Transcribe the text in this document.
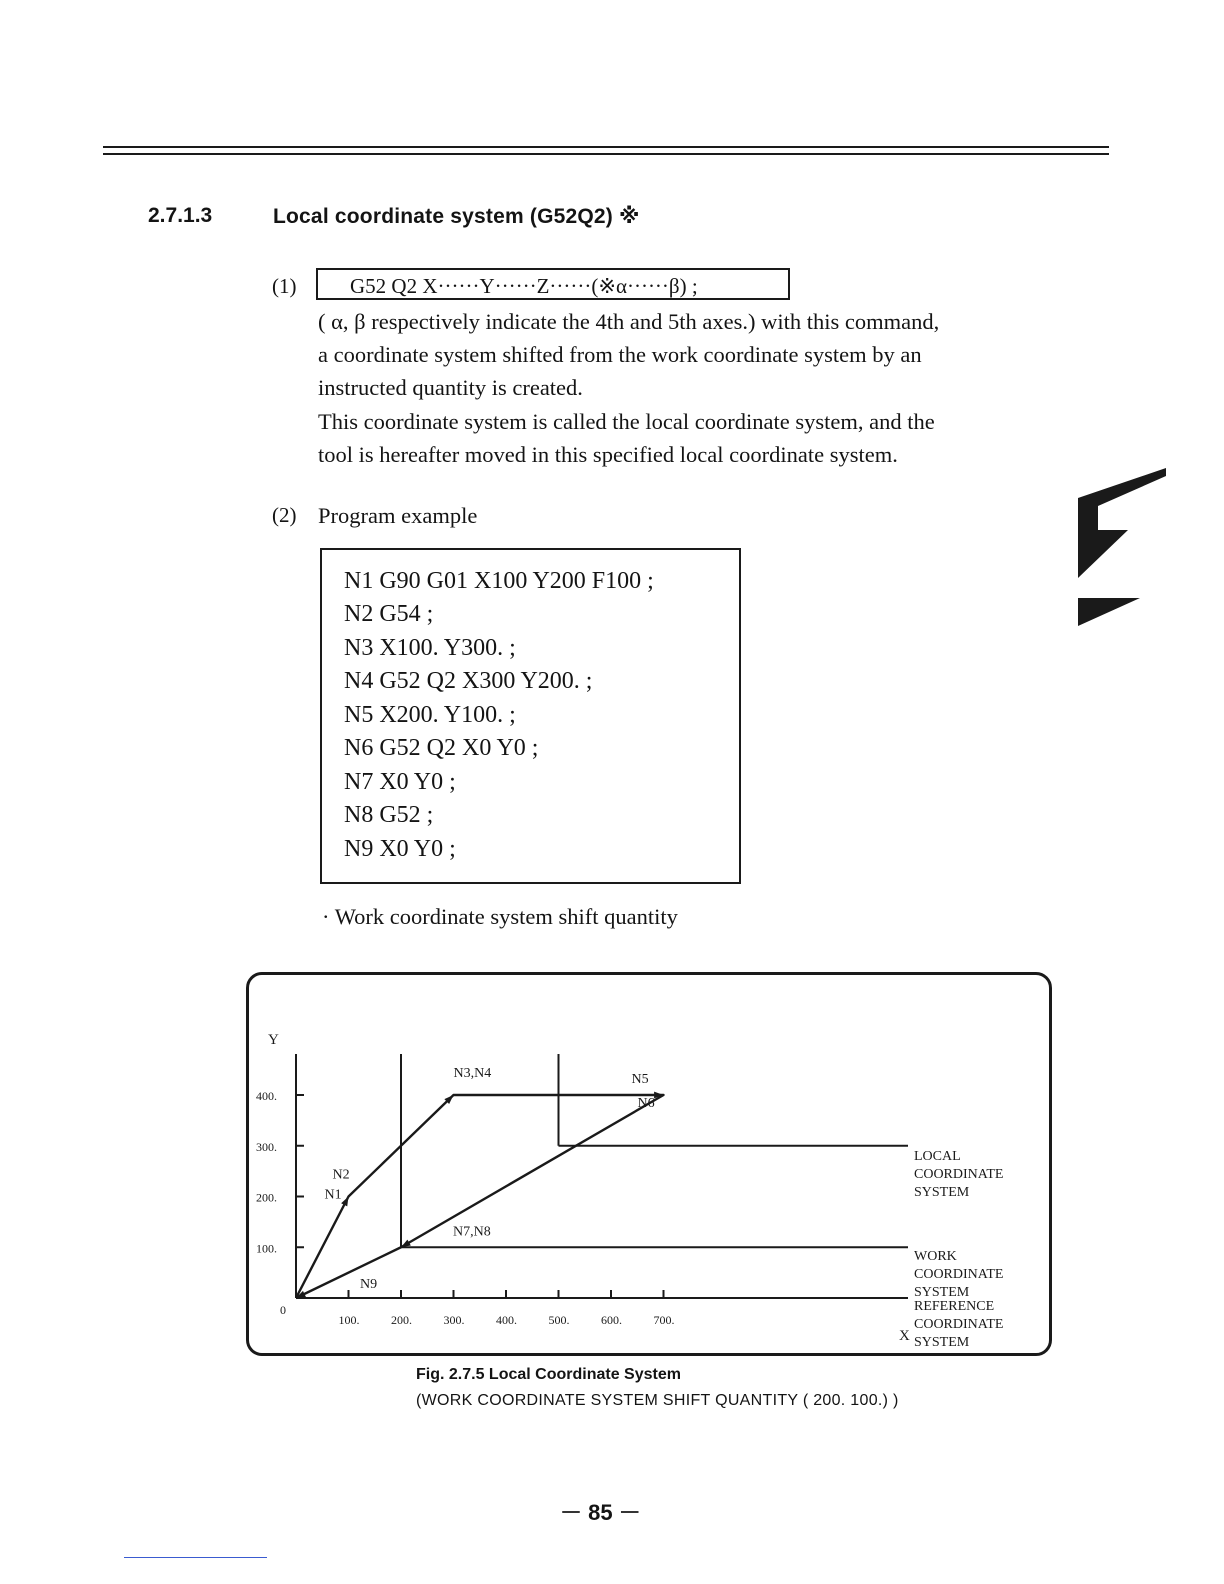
2.7.1.3	Local coordinate system (G52Q2) ※
(1)	G52 Q2 X······Y······Z······(※α······β) ;
( α, β respectively indicate the 4th and 5th axes.) with this command,
a coordinate system shifted from the work coordinate system by an
instructed quantity is created.
This coordinate system is called the local coordinate system, and the
tool is hereafter moved in this specified local coordinate system.
(2) Program example
N1 G90 G01 X100 Y200 F100 ;
N2 G54 ;
N3 X100. Y300. ;
N4 G52 Q2 X300 Y200. ;
N5 X200. Y100. ;
N6 G52 Q2 X0 Y0 ;
N7 X0 Y0 ;
N8 G52 ;
N9 X0 Y0 ;
· Work coordinate system shift quantity
REFERENCE
COORDINATE
SYSTEM
WORK
COORDINATE
SYSTEM
LOCAL
COORDINATE
SYSTEM
100.
200.
300.
400.
100.	200.	300.	400.	500.	600.	700.
0
Y
X
N1
N2
N3,N4	N5
N6
N7,N8
N9
Fig. 2.7.5 Local Coordinate System
(WORK COORDINATE SYSTEM SHIFT QUANTITY ( 200. 100.) )
－ 85 －
